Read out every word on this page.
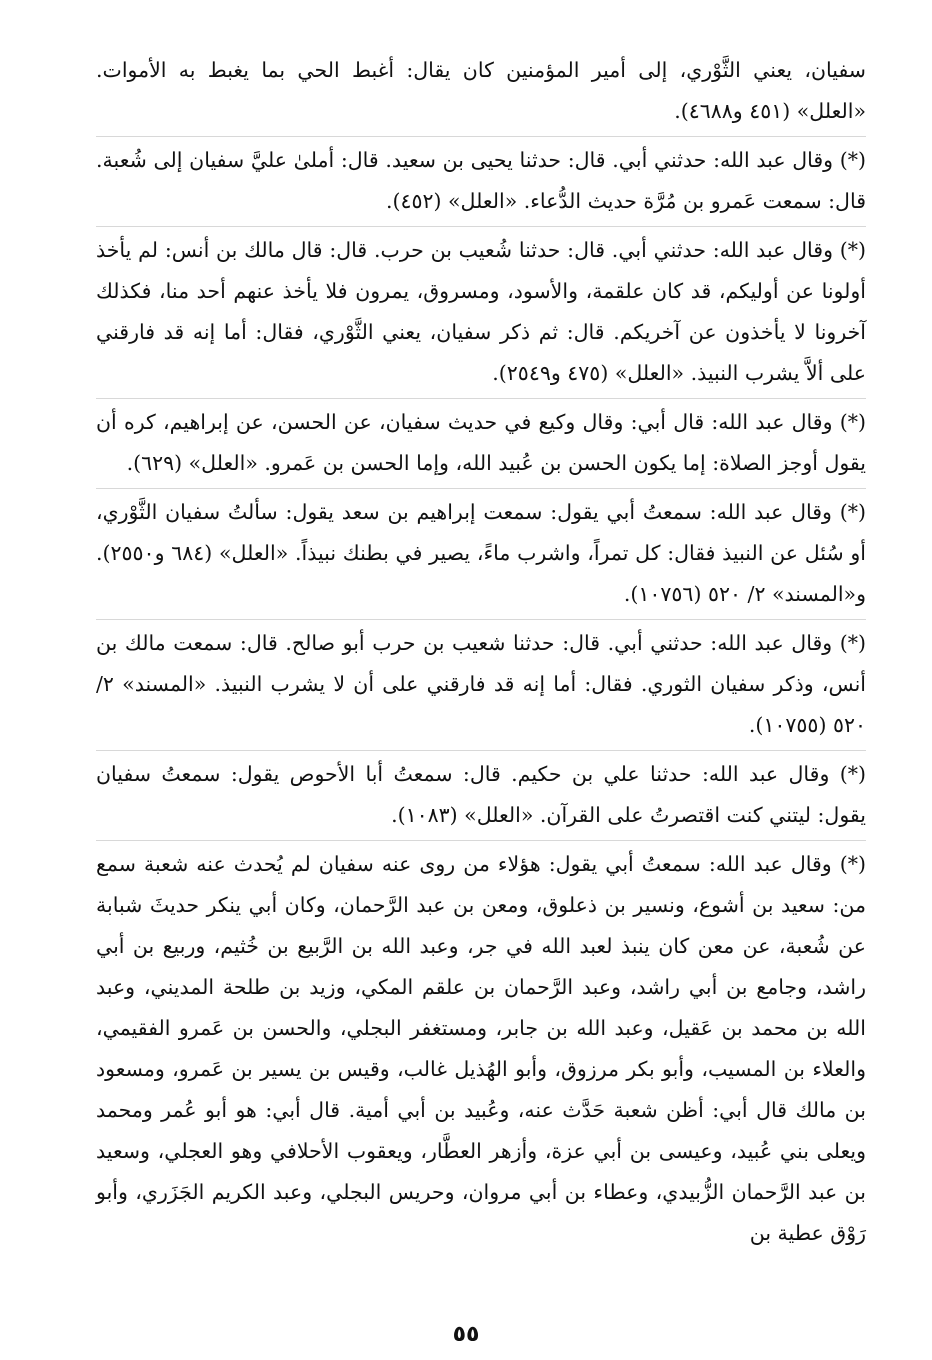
سفيان، يعني الثَّوْري، إلى أمير المؤمنين كان يقال: أغبط الحي بما يغبط به الأموات. «العلل» (٤٥١ و٤٦٨٨).

(*) وقال عبد الله: حدثني أبي. قال: حدثنا يحيى بن سعيد. قال: أملىٰ عليَّ سفيان إلى شُعبة. قال: سمعت عَمرو بن مُرَّة حديث الدُّعاء. «العلل» (٤٥٢).

(*) وقال عبد الله: حدثني أبي. قال: حدثنا شُعيب بن حرب. قال: قال مالك بن أنس: لم يأخذ أولونا عن أوليكم، قد كان علقمة، والأسود، ومسروق، يمرون فلا يأخذ عنهم أحد منا، فكذلك آخرونا لا يأخذون عن آخريكم. قال: ثم ذكر سفيان، يعني الثَّوْري، فقال: أما إنه قد فارقني على ألاَّ يشرب النبيذ. «العلل» (٤٧٥ و٢٥٤٩).

(*) وقال عبد الله: قال أبي: وقال وكيع في حديث سفيان، عن الحسن، عن إبراهيم، كره أن يقول أوجز الصلاة: إما يكون الحسن بن عُبيد الله، وإما الحسن بن عَمرو. «العلل» (٦٢٩).

(*) وقال عبد الله: سمعتُ أبي يقول: سمعت إبراهيم بن سعد يقول: سألتُ سفيان الثَّوْري، أو سُئل عن النبيذ فقال: كل تمراً، واشرب ماءً، يصير في بطنك نبيذاً. «العلل» (٦٨٤ و٢٥٥٠). و«المسند» ٢/ ٥٢٠ (١٠٧٥٦).

(*) وقال عبد الله: حدثني أبي. قال: حدثنا شعيب بن حرب أبو صالح. قال: سمعت مالك بن أنس، وذكر سفيان الثوري. فقال: أما إنه قد فارقني على أن لا يشرب النبيذ. «المسند» ٢/ ٥٢٠ (١٠٧٥٥).

(*) وقال عبد الله: حدثنا علي بن حكيم. قال: سمعتُ أبا الأحوص يقول: سمعتُ سفيان يقول: ليتني كنت اقتصرتُ على القرآن. «العلل» (١٠٨٣).

(*) وقال عبد الله: سمعتُ أبي يقول: هؤلاء من روى عنه سفيان لم يُحدث عنه شعبة سمع من: سعيد بن أشوع، ونسير بن ذعلوق، ومعن بن عبد الرَّحمان، وكان أبي ينكر حديثَ شبابة عن شُعبة، عن معن كان ينبذ لعبد الله في جر، وعبد الله بن الرَّبيع بن خُثيم، وربيع بن أبي راشد، وجامع بن أبي راشد، وعبد الرَّحمان بن علقم المكي، وزيد بن طلحة المديني، وعبد الله بن محمد بن عَقيل، وعبد الله بن جابر، ومستغفر البجلي، والحسن بن عَمرو الفقيمي، والعلاء بن المسيب، وأبو بكر مرزوق، وأبو الهُذيل غالب، وقيس بن يسير بن عَمرو، ومسعود بن مالك قال أبي: أظن شعبة حَدَّث عنه، وعُبيد بن أبي أمية. قال أبي: هو أبو عُمر ومحمد ويعلى بني عُبيد، وعيسى بن أبي عزة، وأزهر العطَّار، ويعقوب الأحلافي وهو العجلي، وسعيد بن عبد الرَّحمان الزُّبيدي، وعطاء بن أبي مروان، وحريس البجلي، وعبد الكريم الجَزَري، وأبو رَوْق عطية بن

٥٥
